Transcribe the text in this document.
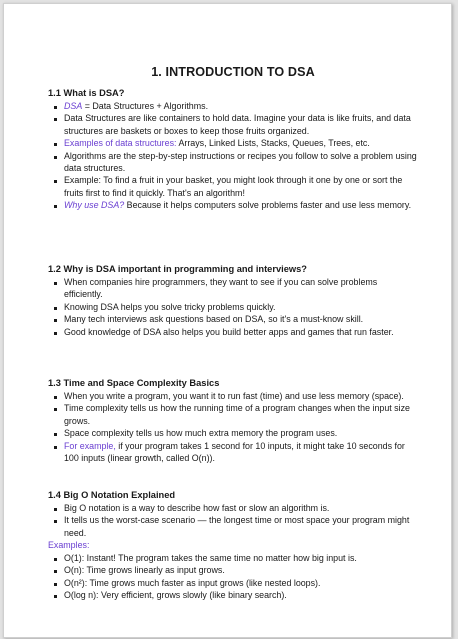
1. INTRODUCTION TO DSA
1.1 What is DSA?
DSA = Data Structures + Algorithms.
Data Structures are like containers to hold data. Imagine your data is like fruits, and data structures are baskets or boxes to keep those fruits organized.
Examples of data structures: Arrays, Linked Lists, Stacks, Queues, Trees, etc.
Algorithms are the step-by-step instructions or recipes you follow to solve a problem using data structures.
Example: To find a fruit in your basket, you might look through it one by one or sort the fruits first to find it quickly. That's an algorithm!
Why use DSA? Because it helps computers solve problems faster and use less memory.
1.2 Why is DSA important in programming and interviews?
When companies hire programmers, they want to see if you can solve problems efficiently.
Knowing DSA helps you solve tricky problems quickly.
Many tech interviews ask questions based on DSA, so it's a must-know skill.
Good knowledge of DSA also helps you build better apps and games that run faster.
1.3 Time and Space Complexity Basics
When you write a program, you want it to run fast (time) and use less memory (space).
Time complexity tells us how the running time of a program changes when the input size grows.
Space complexity tells us how much extra memory the program uses.
For example, if your program takes 1 second for 10 inputs, it might take 10 seconds for 100 inputs (linear growth, called O(n)).
1.4 Big O Notation Explained
Big O notation is a way to describe how fast or slow an algorithm is.
It tells us the worst-case scenario — the longest time or most space your program might need.
Examples:
O(1): Instant! The program takes the same time no matter how big input is.
O(n): Time grows linearly as input grows.
O(n²): Time grows much faster as input grows (like nested loops).
O(log n): Very efficient, grows slowly (like binary search).
